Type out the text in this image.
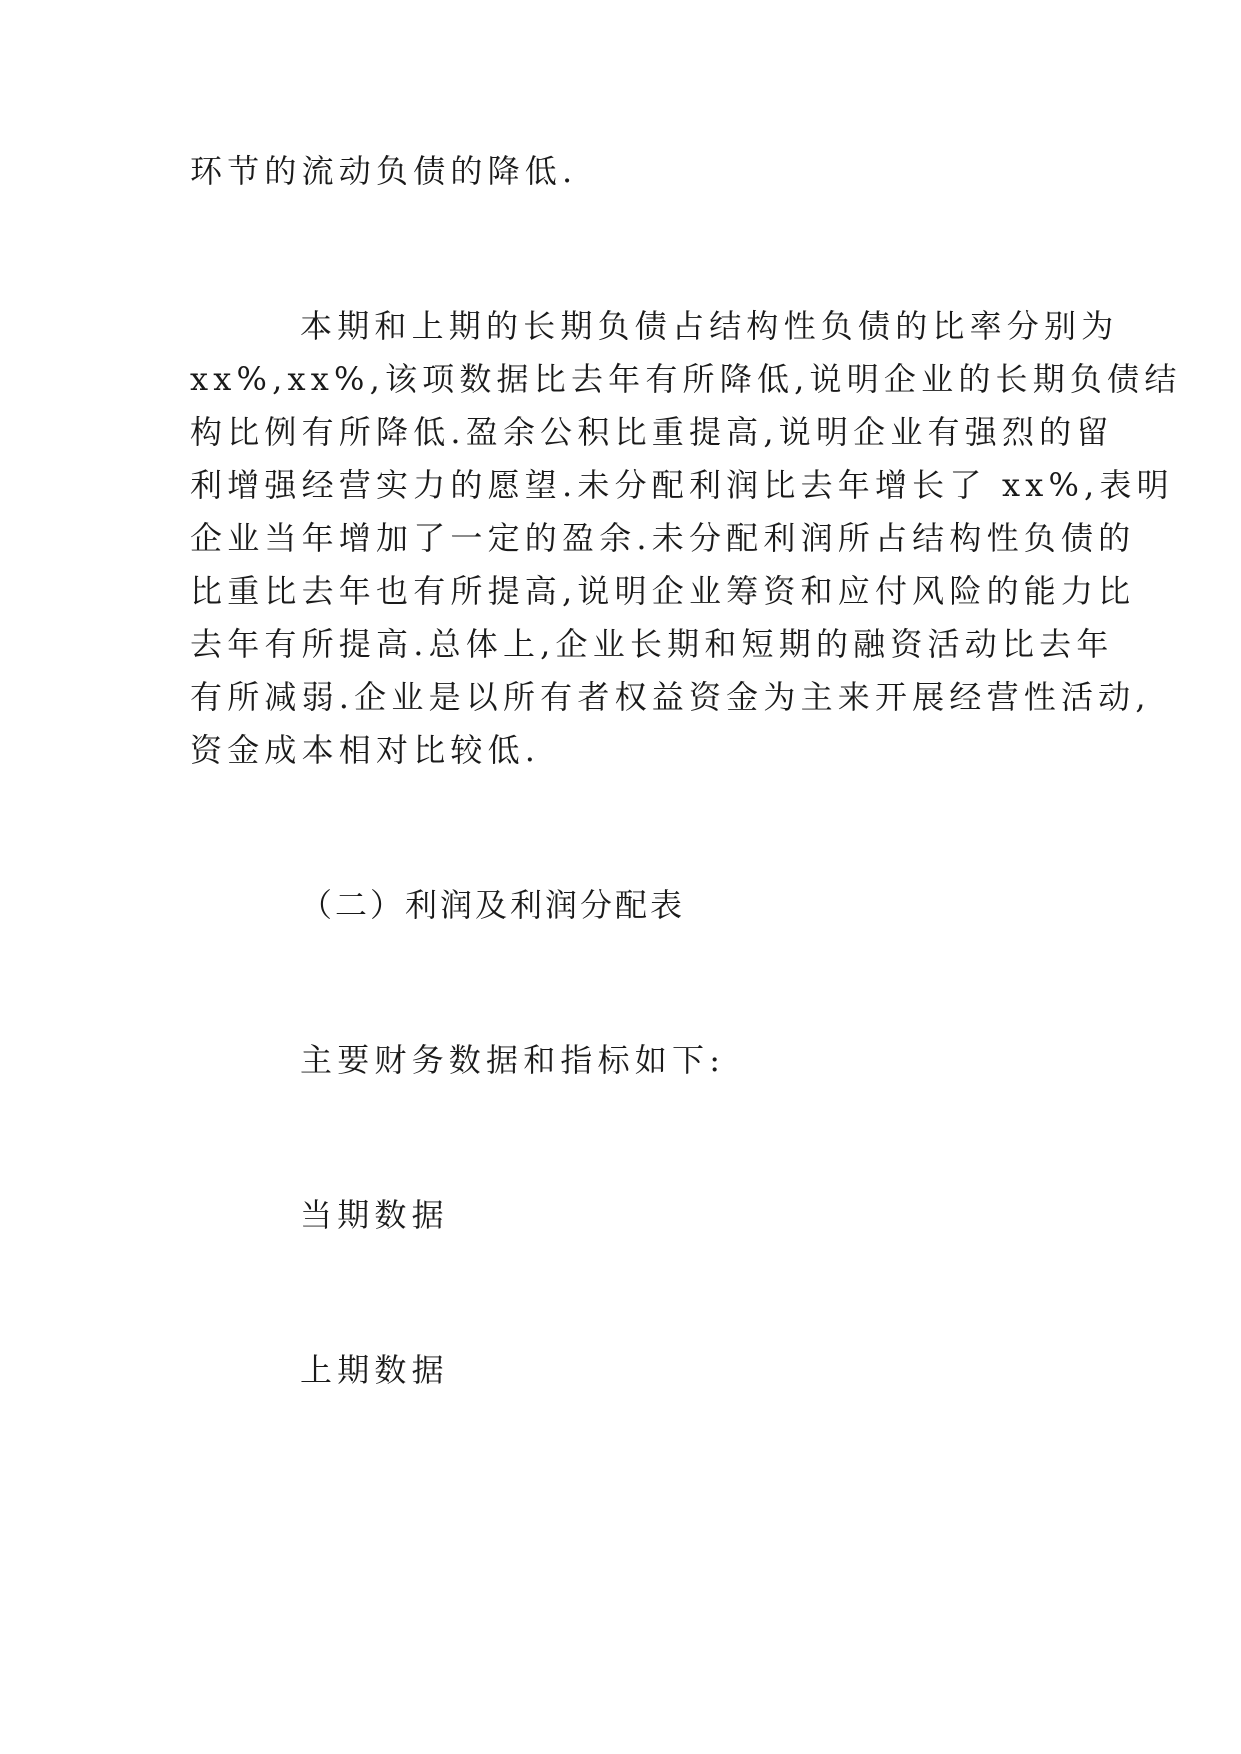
环节的流动负债的降低.
本期和上期的长期负债占结构性负债的比率分别为
xx%,xx%,该项数据比去年有所降低,说明企业的长期负债结
构比例有所降低.盈余公积比重提高,说明企业有强烈的留
利增强经营实力的愿望.未分配利润比去年增长了 xx%,表明
企业当年增加了一定的盈余.未分配利润所占结构性负债的
比重比去年也有所提高,说明企业筹资和应付风险的能力比
去年有所提高.总体上,企业长期和短期的融资活动比去年
有所减弱.企业是以所有者权益资金为主来开展经营性活动,
资金成本相对比较低.
（二）利润及利润分配表
主要财务数据和指标如下:
当期数据
上期数据
